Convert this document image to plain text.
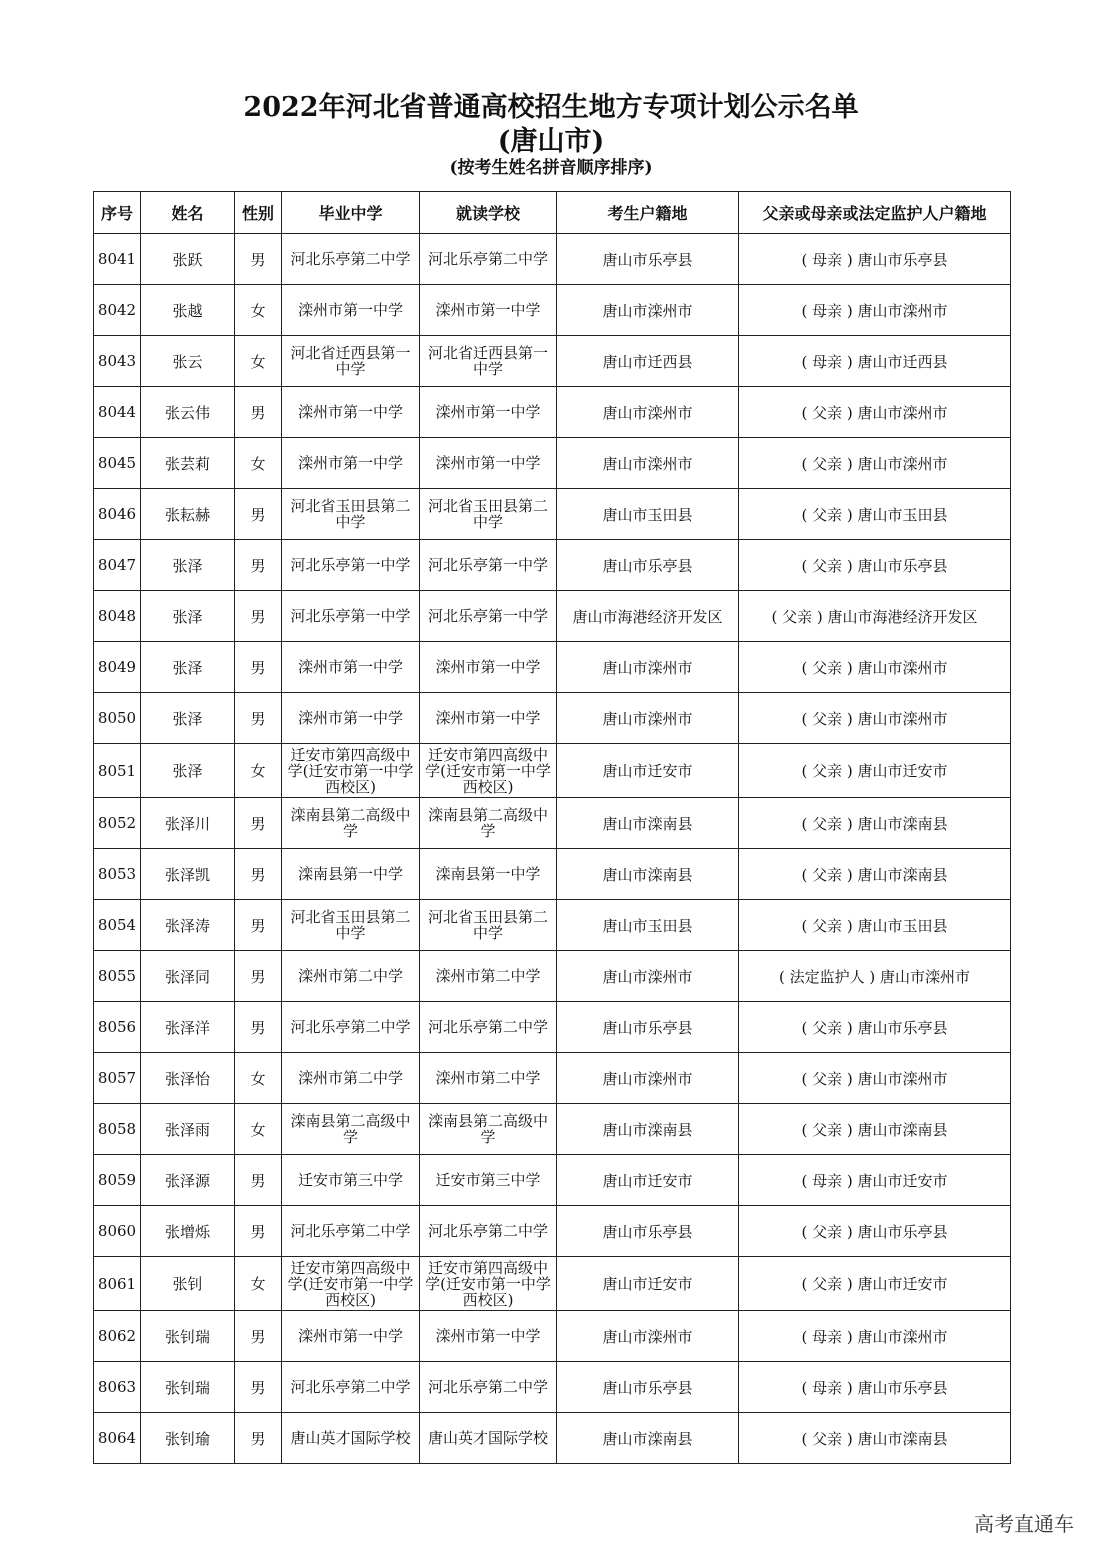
2022年河北省普通高校招生地方专项计划公示名单
(唐山市)
(按考生姓名拼音顺序排序)
序号	姓名	性别	毕业中学	就读学校	考生户籍地	父亲或母亲或法定监护人户籍地
8041	张跃	男	河北乐亭第二中学	河北乐亭第二中学	唐山市乐亭县	( 母亲 ) 唐山市乐亭县
8042	张越	女	滦州市第一中学	滦州市第一中学	唐山市滦州市	( 母亲 ) 唐山市滦州市
8043	张云	女	河北省迁西县第一中学	河北省迁西县第一中学	唐山市迁西县	( 母亲 ) 唐山市迁西县
8044	张云伟	男	滦州市第一中学	滦州市第一中学	唐山市滦州市	( 父亲 ) 唐山市滦州市
8045	张芸莉	女	滦州市第一中学	滦州市第一中学	唐山市滦州市	( 父亲 ) 唐山市滦州市
8046	张耘赫	男	河北省玉田县第二中学	河北省玉田县第二中学	唐山市玉田县	( 父亲 ) 唐山市玉田县
8047	张泽	男	河北乐亭第一中学	河北乐亭第一中学	唐山市乐亭县	( 父亲 ) 唐山市乐亭县
8048	张泽	男	河北乐亭第一中学	河北乐亭第一中学	唐山市海港经济开发区	( 父亲 ) 唐山市海港经济开发区
8049	张泽	男	滦州市第一中学	滦州市第一中学	唐山市滦州市	( 父亲 ) 唐山市滦州市
8050	张泽	男	滦州市第一中学	滦州市第一中学	唐山市滦州市	( 父亲 ) 唐山市滦州市
8051	张泽	女	迁安市第四高级中学(迁安市第一中学西校区)	迁安市第四高级中学(迁安市第一中学西校区)	唐山市迁安市	( 父亲 ) 唐山市迁安市
8052	张泽川	男	滦南县第二高级中学	滦南县第二高级中学	唐山市滦南县	( 父亲 ) 唐山市滦南县
8053	张泽凯	男	滦南县第一中学	滦南县第一中学	唐山市滦南县	( 父亲 ) 唐山市滦南县
8054	张泽涛	男	河北省玉田县第二中学	河北省玉田县第二中学	唐山市玉田县	( 父亲 ) 唐山市玉田县
8055	张泽同	男	滦州市第二中学	滦州市第二中学	唐山市滦州市	( 法定监护人 ) 唐山市滦州市
8056	张泽洋	男	河北乐亭第二中学	河北乐亭第二中学	唐山市乐亭县	( 父亲 ) 唐山市乐亭县
8057	张泽怡	女	滦州市第二中学	滦州市第二中学	唐山市滦州市	( 父亲 ) 唐山市滦州市
8058	张泽雨	女	滦南县第二高级中学	滦南县第二高级中学	唐山市滦南县	( 父亲 ) 唐山市滦南县
8059	张泽源	男	迁安市第三中学	迁安市第三中学	唐山市迁安市	( 母亲 ) 唐山市迁安市
8060	张增烁	男	河北乐亭第二中学	河北乐亭第二中学	唐山市乐亭县	( 父亲 ) 唐山市乐亭县
8061	张钊	女	迁安市第四高级中学(迁安市第一中学西校区)	迁安市第四高级中学(迁安市第一中学西校区)	唐山市迁安市	( 父亲 ) 唐山市迁安市
8062	张钊瑞	男	滦州市第一中学	滦州市第一中学	唐山市滦州市	( 母亲 ) 唐山市滦州市
8063	张钊瑞	男	河北乐亭第二中学	河北乐亭第二中学	唐山市乐亭县	( 母亲 ) 唐山市乐亭县
8064	张钊瑜	男	唐山英才国际学校	唐山英才国际学校	唐山市滦南县	( 父亲 ) 唐山市滦南县
高考直通车
